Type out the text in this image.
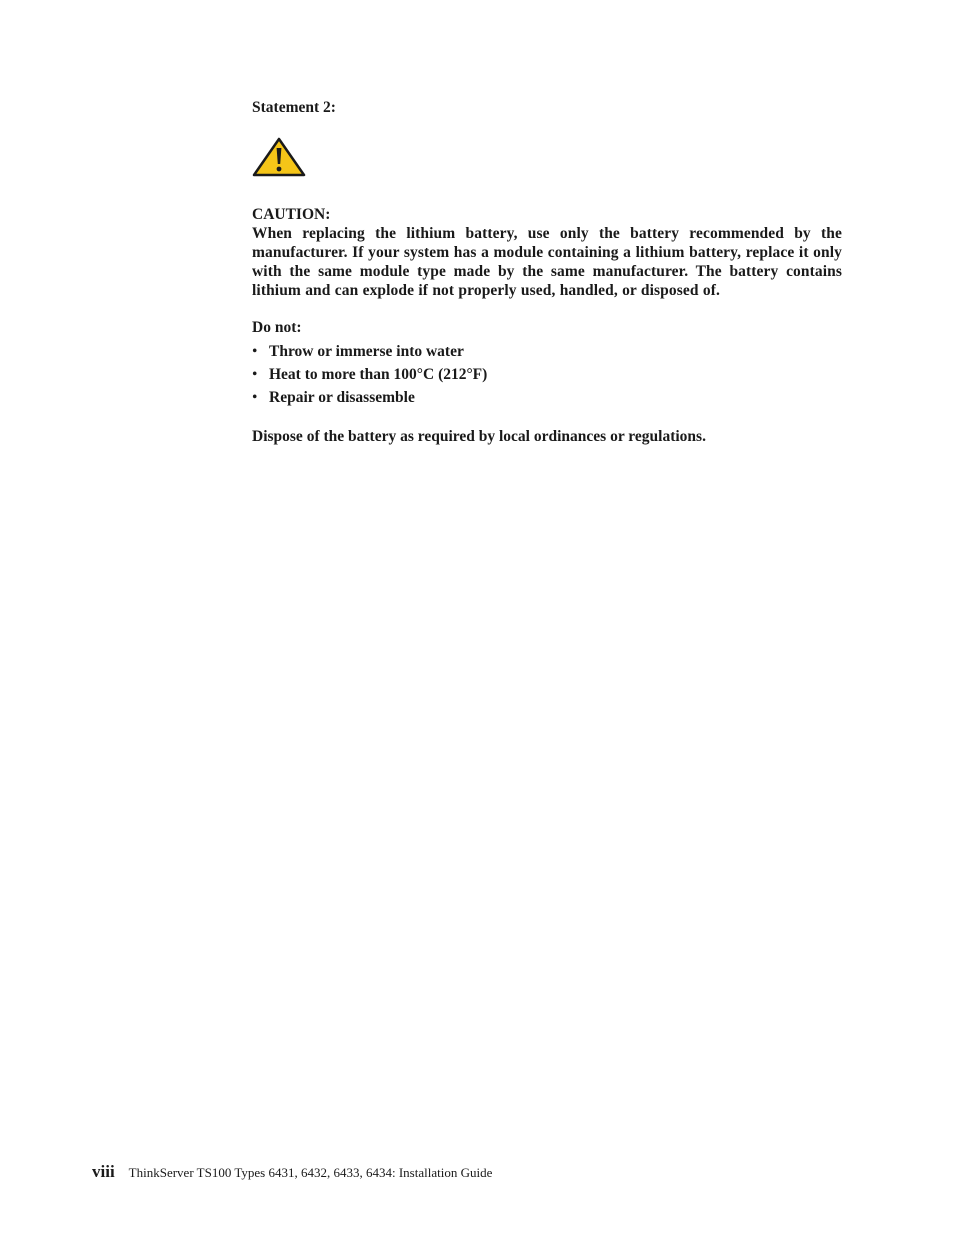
Statement 2:

CAUTION:

When replacing the lithium battery, use only the battery recommended by the manufacturer. If your system has a module containing a lithium battery, replace it only with the same module type made by the same manufacturer. The battery contains lithium and can explode if not properly used, handled, or disposed of.

Do not:

• Throw or immerse into water
• Heat to more than 100°C (212°F)
• Repair or disassemble

Dispose of the battery as required by local ordinances or regulations.

viii ThinkServer TS100 Types 6431, 6432, 6433, 6434: Installation Guide
